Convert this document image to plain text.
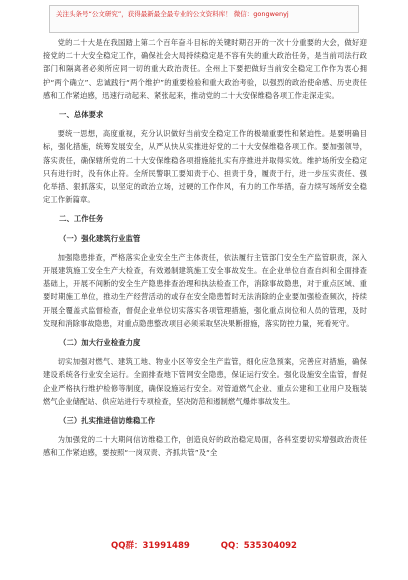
关注头条号“公文研究”，获得最新最全最专业的公文资料库！ 微信：gongwenyj

党的二十大是在我国踏上第二个百年奋斗目标的关键时期召开的一次十分重要的大会，做好迎接党的二十大安全稳定工作，确保社会大局持续稳定是不容有失的重大政治任务，是当前司法行政部门和隔离者必须所应同一切的重大政治责任。全州上下要把做好当前安全稳定工作作为衷心拥护“两个确立”、忠诚践行“两个维护”的重要检验和重大政治考验，以强烈的政治使命感、历史责任感和工作紧迫感，迅速行动起来、紧张起来，推动党的二十大安保维稳各项工作走深走实。

一、总体要求

要统一思想，高度重视，充分认识做好当前安全稳定工作的极端重要性和紧迫性。是要明确目标，强化措施，统筹发展安全，从严从快从实推进好党的二十大安保维稳各项工作。要加强领导，落实责任，确保辖所党的二十大安保维稳各项措施能扎实有序推进并取得实效。维护场所安全稳定只有进行时，没有休止符。全所民警职工要知责于心、担责于身，履责于行，进一步压实责任、强化举措、狠抓落实，以坚定的政治立场，过硬的工作作风，有力的工作举措，奋力续写场所安全稳定工作新篇章。

二、工作任务
（一）强化建筑行业监管

加强隐患排查，严格落实企业安全生产主体责任，依法履行主管部门安全生产监管职责，深入开展建筑施工安全生产大检查，有效遏制建筑施工安全事故发生。在企业单位自查自纠和全面排查基础上，开展不间断的安全生产隐患排查治理和执法检查工作，消除事故隐患，对于重点区域、重要时期施工单位，推动生产经营活动的或存在安全隐患暂时无法消除的企业要加强检查频次，持续开展全覆盖式监督检查，督促企业单位切实落实各项管理措施，强化重点岗位和人员的管理，及时发现和消除事故隐患，对重点隐患整改项目必须采取坚决果断措施，落实防控力量，死看死守。

（二）加大行业检查力度

切实加强对燃气、建筑工地、物业小区等安全生产监管，细化应急预案，完善应对措施，确保建设系统各行业安全运行。全面排查地下管网安全隐患，保证运行安全。强化设施安全监管，督促企业严格执行维护检修等制度，确保设施运行安全。对管道燃气企业、重点公建和工业用户及瓶装燃气企业储配站、供应站进行专项检查，坚决防范和遏制燃气爆炸事故发生。

（三）扎实推进信访维稳工作

为加强党的二十大期间信访维稳工作，创造良好的政治稳定局面，各科室要切实增强政治责任感和工作紧迫感，要按照“一岗双责、齐抓共管”及“全

QQ群：31991489	QQ：535304092
